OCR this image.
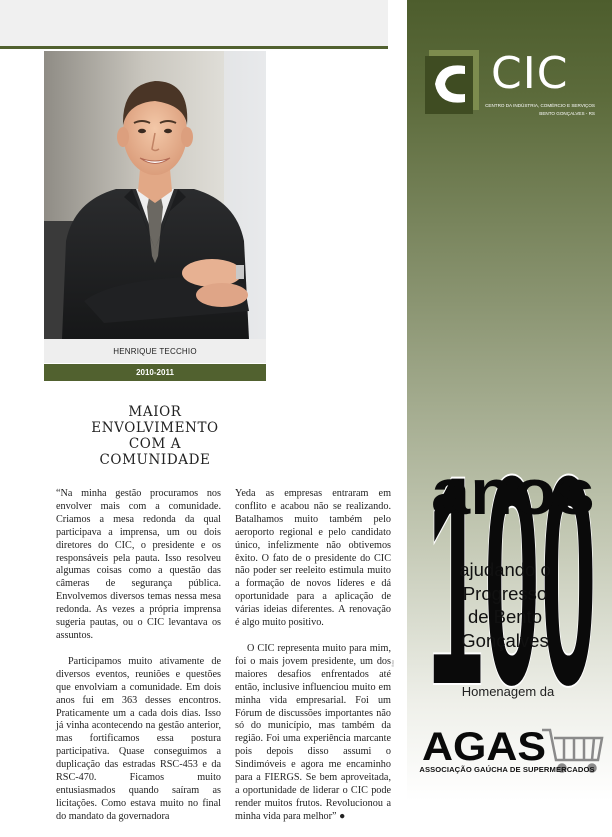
HENRIQUE TECCHIO
2010-2011
MAIOR
ENVOLVIMENTO
COM A
COMUNIDADE

“Na minha gestão procuramos nos envolver mais com a comunidade. Criamos a mesa redonda da qual participava a imprensa, um ou dois diretores do CIC, o presidente e os responsáveis pela pauta. Isso resolveu algumas coisas como a questão das câmeras de segurança pública. Envolvemos diversos temas nessa mesa redonda. As vezes a própria imprensa sugeria pautas, ou o CIC levantava os assuntos.

Participamos muito ativamente de diversos eventos, reuniões e questões que envolviam a comunidade. Em dois anos fui em 363 desses encontros. Praticamente um a cada dois dias. Isso já vinha acontecendo na gestão anterior, mas fortificamos essa postura participativa. Quase conseguimos a duplicação das estradas RSC-453 e da RSC-470. Ficamos muito entusiasmados quando saíram as licitações. Como estava muito no final do mandato da governadora

Yeda as empresas entraram em conflito e acabou não se realizando. Batalhamos muito também pelo aeroporto regional e pelo candidato único, infelizmente não obtivemos êxito. O fato de o presidente do CIC não poder ser reeleito estimula muito a formação de novos líderes e dá oportunidade para a aplicação de várias ideias diferentes. A renovação é algo muito positivo.

O CIC representa muito para mim, foi o mais jovem presidente, um dos maiores desafios enfrentados até então, inclusive influenciou muito em minha vida empresarial. Foi um Fórum de discussões importantes não só do município, mas também da região. Foi uma experiência marcante pois depois disso assumi o Sindimóveis e agora me encaminho para a FIERGS. Se bem aproveitada, a oportunidade de liderar o CIC pode render muitos frutos. Revolucionou a minha vida para melhor” ●

CIC
CENTRO DA INDÚSTRIA, COMÉRCIO E SERVIÇOS
BENTO GONÇALVES - RS
100
anos
ajudando o
Progresso
de Bento
Gonçalves
Homenagem da
AGAS
ASSOCIAÇÃO GAÚCHA DE SUPERMERCADOS
foto
